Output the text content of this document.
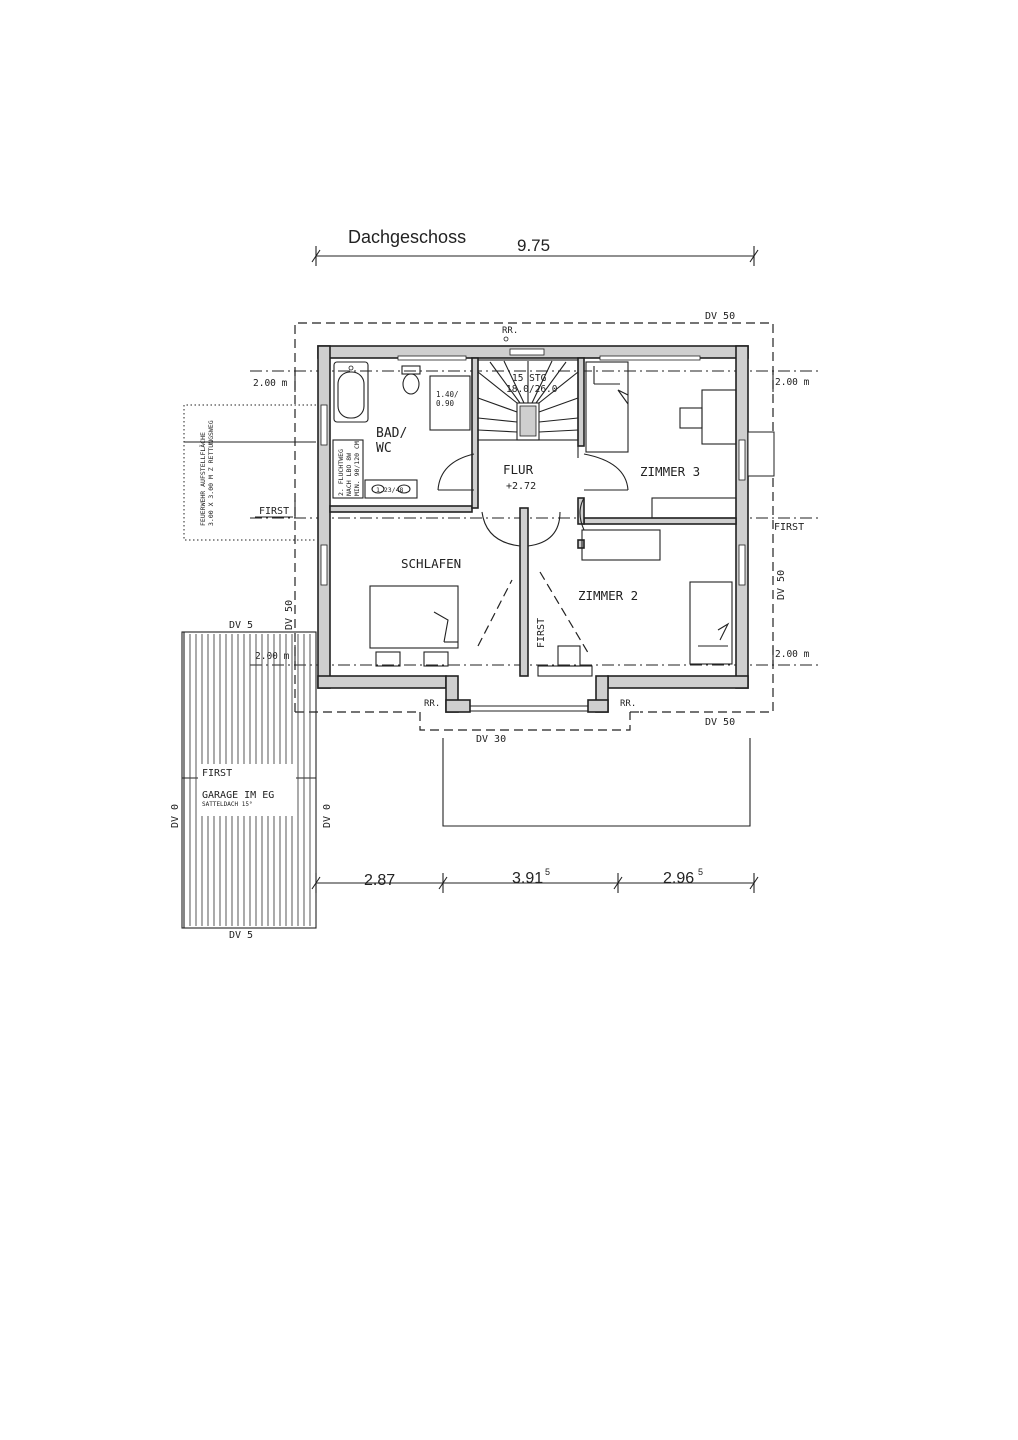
Dachgeschoss	9.75
15 STG
18.0/26.0
1.40/
0.90
1.23/48
2. FLUCHTWEG NACH LBO 8W MIN. 90/120 CM
BAD/
WC
FLUR
+2.72
ZIMMER 3
ZIMMER 2
SCHLAFEN
FIRST
RR.
RR.	RR.
DV 50
DV 50
DV 30
DV 50
DV 50
2.00 m	2.00 m
2.00 m	2.00 m
FIRST
FIRST
FEUERWEHR AUFSTELLFLÄCHE 3.00 X 3.00 M Z RETTUNGSWEG
FIRST
GARAGE IM EG
SATTELDACH 15°
DV 5
DV 5
DV 0	DV 0
2.87	3.91 5	2.96 5
